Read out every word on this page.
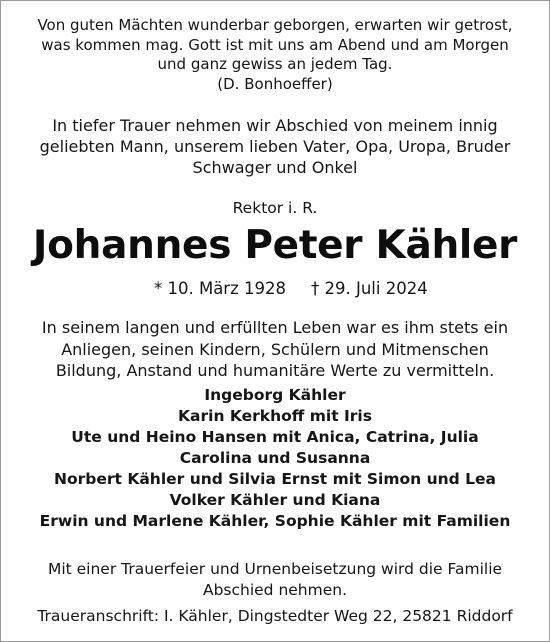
Von guten Mächten wunderbar geborgen, erwarten wir getrost,
was kommen mag. Gott ist mit uns am Abend und am Morgen
und ganz gewiss an jedem Tag.
(D. Bonhoeffer)
In tiefer Trauer nehmen wir Abschied von meinem innig
geliebten Mann, unserem lieben Vater, Opa, Uropa, Bruder
Schwager und Onkel
Rektor i. R.
Johannes Peter Kähler
* 10. März 1928 † 29. Juli 2024
In seinem langen und erfüllten Leben war es ihm stets ein
Anliegen, seinen Kindern, Schülern und Mitmenschen
Bildung, Anstand und humanitäre Werte zu vermitteln.
Ingeborg Kähler
Karin Kerkhoff mit Iris
Ute und Heino Hansen mit Anica, Catrina, Julia
Carolina und Susanna
Norbert Kähler und Silvia Ernst mit Simon und Lea
Volker Kähler und Kiana
Erwin und Marlene Kähler, Sophie Kähler mit Familien
Mit einer Trauerfeier und Urnenbeisetzung wird die Familie
Abschied nehmen.
Traueranschrift: I. Kähler, Dingstedter Weg 22, 25821 Riddorf
